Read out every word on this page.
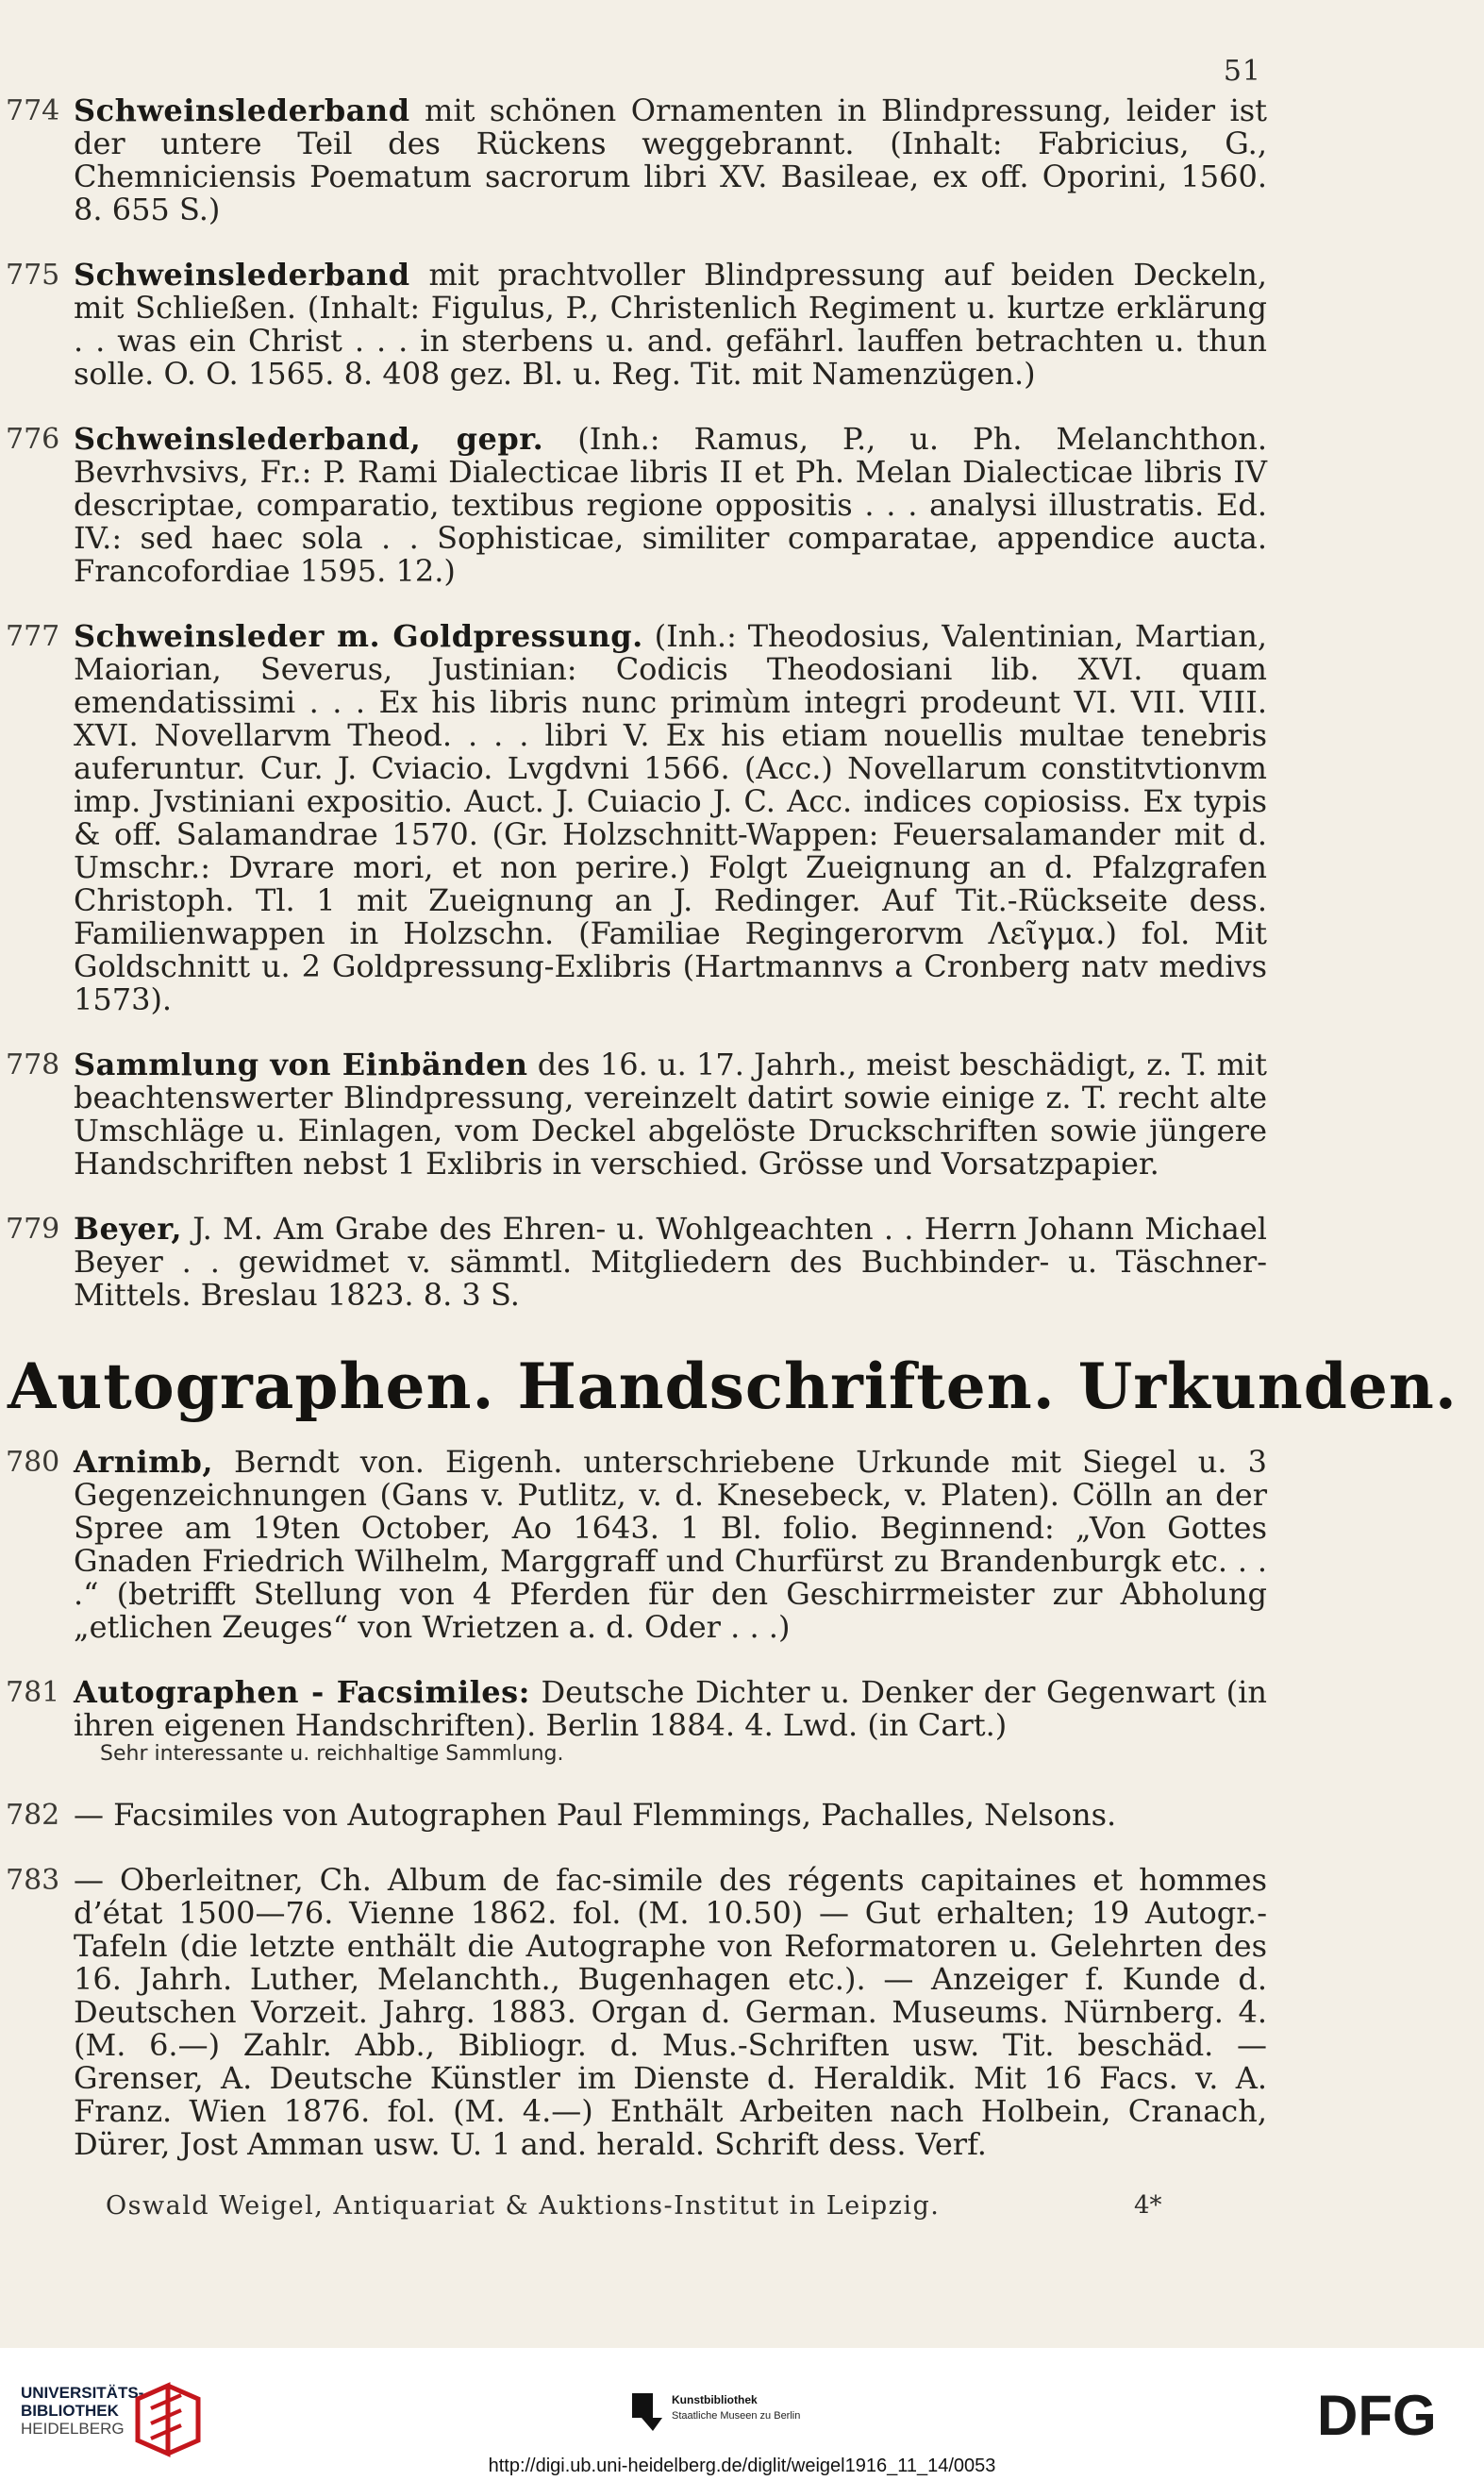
51
774 Schweinslederband mit schönen Ornamenten in Blindpressung, leider ist der untere Teil des Rückens weggebrannt. (Inhalt: Fabricius, G., Chemniciensis Poematum sacrorum libri XV. Basileae, ex off. Oporini, 1560. 8. 655 S.)
775 Schweinslederband mit prachtvoller Blindpressung auf beiden Deckeln, mit Schließen. (Inhalt: Figulus, P., Christenlich Regiment u. kurtze erklärung . . was ein Christ . . . in sterbens u. and. gefährl. lauffen betrachten u. thun solle. O. O. 1565. 8. 408 gez. Bl. u. Reg. Tit. mit Namenzügen.)
776 Schweinslederband, gepr. (Inh.: Ramus, P., u. Ph. Melanchthon. Bevrhvsivs, Fr.: P. Rami Dialecticae libris II et Ph. Melan Dialecticae libris IV descriptae, comparatio, textibus regione oppositis . . . analysi illustratis. Ed. IV.: sed haec sola . . Sophisticae, similiter comparatae, appendice aucta. Francofordiae 1595. 12.)
777 Schweinsleder m. Goldpressung. (Inh.: Theodosius, Valentinian, Martian, Maiorian, Severus, Justinian: Codicis Theodosiani lib. XVI. quam emendatissimi . . . Ex his libris nunc primùm integri prodeunt VI. VII. VIII. XVI. Novellarvm Theod. . . . libri V. Ex his etiam nouellis multae tenebris auferuntur. Cur. J. Cviacio. Lvgdvni 1566. (Acc.) Novellarum constitvtionvm imp. Jvstiniani expositio. Auct. J. Cuiacio J. C. Acc. indices copiosiss. Ex typis & off. Salamandrae 1570. (Gr. Holzschnitt-Wappen: Feuersalamander mit d. Umschr.: Dvrare mori, et non perire.) Folgt Zueignung an d. Pfalzgrafen Christoph. Tl. 1 mit Zueignung an J. Redinger. Auf Tit.-Rückseite dess. Familienwappen in Holzschn. (Familiae Regingerorvm Λεῖγμα.) fol. Mit Goldschnitt u. 2 Goldpressung-Exlibris (Hartmannvs a Cronberg natv medivs 1573).
778 Sammlung von Einbänden des 16. u. 17. Jahrh., meist beschädigt, z. T. mit beachtenswerter Blindpressung, vereinzelt datirt sowie einige z. T. recht alte Umschläge u. Einlagen, vom Deckel abgelöste Druckschriften sowie jüngere Handschriften nebst 1 Exlibris in verschied. Grösse und Vorsatzpapier.
779 Beyer, J. M. Am Grabe des Ehren- u. Wohlgeachten . . Herrn Johann Michael Beyer . . gewidmet v. sämmtl. Mitgliedern des Buchbinder- u. Täschner-Mittels. Breslau 1823. 8. 3 S.
Autographen. Handschriften. Urkunden.
780 Arnimb, Berndt von. Eigenh. unterschriebene Urkunde mit Siegel u. 3 Gegenzeichnungen (Gans v. Putlitz, v. d. Knesebeck, v. Platen). Cölln an der Spree am 19ten October, Ao 1643. 1 Bl. folio. Beginnend: „Von Gottes Gnaden Friedrich Wilhelm, Marggraff und Churfürst zu Brandenburgk etc. . . .“ (betrifft Stellung von 4 Pferden für den Geschirrmeister zur Abholung „etlichen Zeuges“ von Wrietzen a. d. Oder . . .)
781 Autographen - Facsimiles: Deutsche Dichter u. Denker der Gegenwart (in ihren eigenen Handschriften). Berlin 1884. 4. Lwd. (in Cart.)
Sehr interessante u. reichhaltige Sammlung.
782 — Facsimiles von Autographen Paul Flemmings, Pachalles, Nelsons.
783 — Oberleitner, Ch. Album de fac-simile des régents capitaines et hommes d’état 1500—76. Vienne 1862. fol. (M. 10.50) — Gut erhalten; 19 Autogr.-Tafeln (die letzte enthält die Autographe von Reformatoren u. Gelehrten des 16. Jahrh. Luther, Melanchth., Bugenhagen etc.). — Anzeiger f. Kunde d. Deutschen Vorzeit. Jahrg. 1883. Organ d. German. Museums. Nürnberg. 4. (M. 6.—) Zahlr. Abb., Bibliogr. d. Mus.-Schriften usw. Tit. beschäd. — Grenser, A. Deutsche Künstler im Dienste d. Heraldik. Mit 16 Facs. v. A. Franz. Wien 1876. fol. (M. 4.—) Enthält Arbeiten nach Holbein, Cranach, Dürer, Jost Amman usw. U. 1 and. herald. Schrift dess. Verf.
Oswald Weigel, Antiquariat & Auktions-Institut in Leipzig.	4*
UNIVERSITÄTS-
BIBLIOTHEK
HEIDELBERG
Kunstbibliothek
Staatliche Museen zu Berlin	DFG
http://digi.ub.uni-heidelberg.de/diglit/weigel1916_11_14/0053
